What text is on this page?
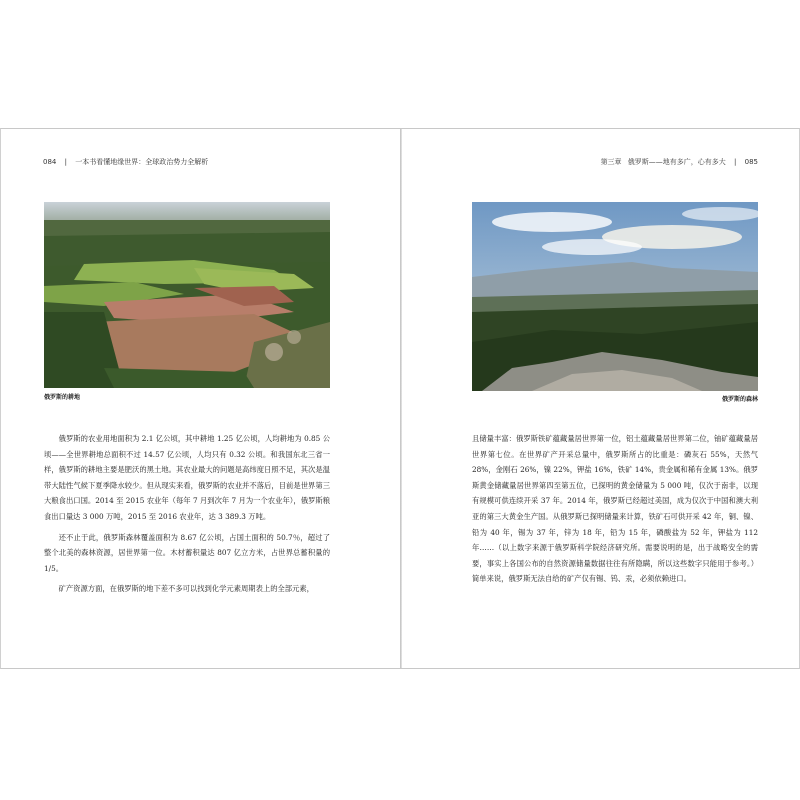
084 | 一本书看懂地缘世界：全球政治势力全解析
俄罗斯的耕地

俄罗斯的农业用地面积为 2.1 亿公顷，其中耕地 1.25 亿公顷，人均耕地为 0.85 公顷——全世界耕地总面积不过 14.57 亿公顷，人均只有 0.32 公顷。和我国东北三省一样，俄罗斯的耕地主要是肥沃的黑土地。其农业最大的问题是高纬度日照不足，其次是温带大陆性气候下夏季降水较少。但从现实来看，俄罗斯的农业并不落后，目前是世界第三大粮食出口国。2014 至 2015 农业年（每年 7 月到次年 7 月为一个农业年），俄罗斯粮食出口量达 3 000 万吨，2015 至 2016 农业年，达 3 389.3 万吨。

还不止于此，俄罗斯森林覆盖面积为 8.67 亿公顷，占国土面积的 50.7％，超过了整个北美的森林资源，居世界第一位。木材蓄积量达 807 亿立方米，占世界总蓄积量的 1/5。

矿产资源方面，在俄罗斯的地下差不多可以找到化学元素周期表上的全部元素，

第三章 俄罗斯——地有多广，心有多大 | 085
俄罗斯的森林

且储量丰富：俄罗斯铁矿蕴藏量居世界第一位，铝土蕴藏量居世界第二位，铀矿蕴藏量居世界第七位。在世界矿产开采总量中，俄罗斯所占的比重是：磷灰石 55%，天然气 28%，金刚石 26%，镍 22%，钾盐 16%，铁矿 14%，贵金属和稀有金属 13%。俄罗斯黄金储藏量居世界第四至第五位，已探明的黄金储量为 5 000 吨，仅次于南非，以现有规模可供连续开采 37 年。2014 年，俄罗斯已经超过美国，成为仅次于中国和澳大利亚的第三大黄金生产国。从俄罗斯已探明储量来计算，铁矿石可供开采 42 年，铜、镍、铅为 40 年，锡为 37 年，锌为 18 年，铅为 15 年，磷酸盐为 52 年，钾盐为 112 年……（以上数字来源于俄罗斯科学院经济研究所。需要说明的是，出于战略安全的需要，事实上各国公布的自然资源储量数据往往有所隐瞒，所以这些数字只能用于参考。）简单来说，俄罗斯无法自给的矿产仅有锡、钨、汞，必须依赖进口。
